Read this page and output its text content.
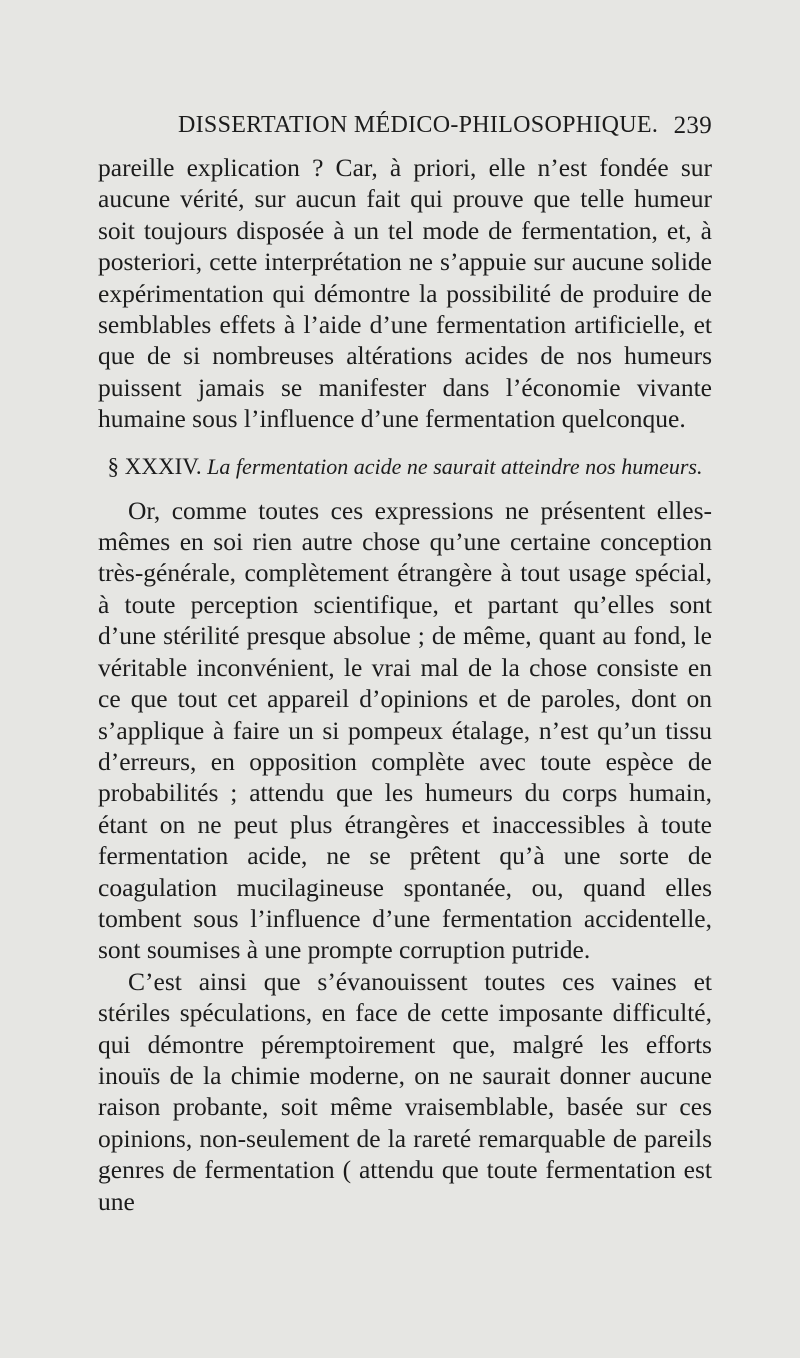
DISSERTATION MÉDICO-PHILOSOPHIQUE. 239

pareille explication ? Car, à priori, elle n’est fondée sur aucune vérité, sur aucun fait qui prouve que telle humeur soit toujours disposée à un tel mode de fermentation, et, à posteriori, cette interprétation ne s’appuie sur aucune solide expérimentation qui démontre la possibilité de produire de semblables effets à l’aide d’une fermentation artificielle, et que de si nombreuses altérations acides de nos humeurs puissent jamais se manifester dans l’économie vivante humaine sous l’influence d’une fermentation quelconque.

§ XXXIV. La fermentation acide ne saurait atteindre nos humeurs.

Or, comme toutes ces expressions ne présentent elles-mêmes en soi rien autre chose qu’une certaine conception très-générale, complètement étrangère à tout usage spécial, à toute perception scientifique, et partant qu’elles sont d’une stérilité presque absolue ; de même, quant au fond, le véritable inconvénient, le vrai mal de la chose consiste en ce que tout cet appareil d’opinions et de paroles, dont on s’applique à faire un si pompeux étalage, n’est qu’un tissu d’erreurs, en opposition complète avec toute espèce de probabilités ; attendu que les humeurs du corps humain, étant on ne peut plus étrangères et inaccessibles à toute fermentation acide, ne se prêtent qu’à une sorte de coagulation mucilagineuse spontanée, ou, quand elles tombent sous l’influence d’une fermentation accidentelle, sont soumises à une prompte corruption putride.

C’est ainsi que s’évanouissent toutes ces vaines et stériles spéculations, en face de cette imposante difficulté, qui démontre péremptoirement que, malgré les efforts inouïs de la chimie moderne, on ne saurait donner aucune raison probante, soit même vraisemblable, basée sur ces opinions, non-seulement de la rareté remarquable de pareils genres de fermentation ( attendu que toute fermentation est une
